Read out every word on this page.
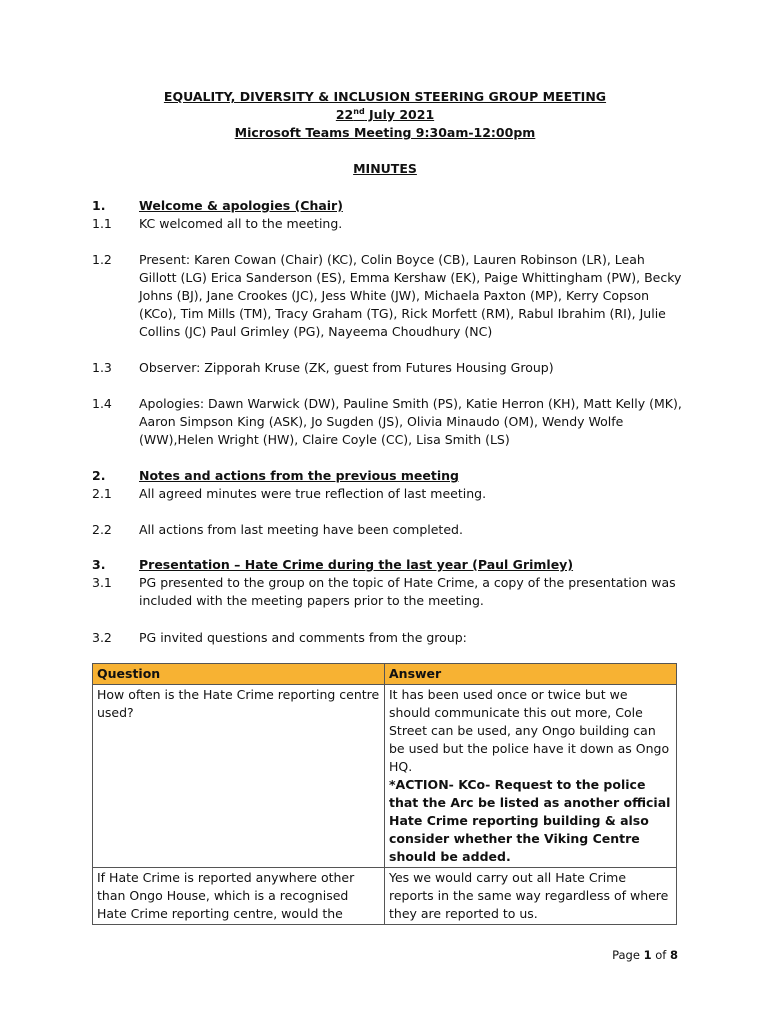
EQUALITY, DIVERSITY & INCLUSION STEERING GROUP MEETING
22nd July 2021
Microsoft Teams Meeting 9:30am-12:00pm
MINUTES
1.	Welcome & apologies (Chair)
1.1	KC welcomed all to the meeting.
1.2	Present: Karen Cowan (Chair) (KC), Colin Boyce (CB), Lauren Robinson (LR), Leah Gillott (LG) Erica Sanderson (ES), Emma Kershaw (EK), Paige Whittingham (PW), Becky Johns (BJ), Jane Crookes (JC), Jess White (JW), Michaela Paxton (MP), Kerry Copson (KCo), Tim Mills (TM), Tracy Graham (TG), Rick Morfett (RM), Rabul Ibrahim (RI), Julie Collins (JC) Paul Grimley (PG), Nayeema Choudhury (NC)
1.3	Observer: Zipporah Kruse (ZK, guest from Futures Housing Group)
1.4	Apologies: Dawn Warwick (DW), Pauline Smith (PS), Katie Herron (KH), Matt Kelly (MK), Aaron Simpson King (ASK), Jo Sugden (JS), Olivia Minaudo (OM), Wendy Wolfe (WW),Helen Wright (HW), Claire Coyle (CC), Lisa Smith (LS)
2.	Notes and actions from the previous meeting
2.1	All agreed minutes were true reflection of last meeting.
2.2	All actions from last meeting have been completed.
3.	Presentation – Hate Crime during the last year (Paul Grimley)
3.1	PG presented to the group on the topic of Hate Crime, a copy of the presentation was included with the meeting papers prior to the meeting.
3.2	PG invited questions and comments from the group:
Question	Answer
How often is the Hate Crime reporting centre used?	It has been used once or twice but we should communicate this out more, Cole Street can be used, any Ongo building can be used but the police have it down as Ongo HQ.
*ACTION- KCo- Request to the police that the Arc be listed as another official Hate Crime reporting building & also consider whether the Viking Centre should be added.

If Hate Crime is reported anywhere other than Ongo House, which is a recognised Hate Crime reporting centre, would the	Yes we would carry out all Hate Crime reports in the same way regardless of where they are reported to us.
Page 1 of 8
